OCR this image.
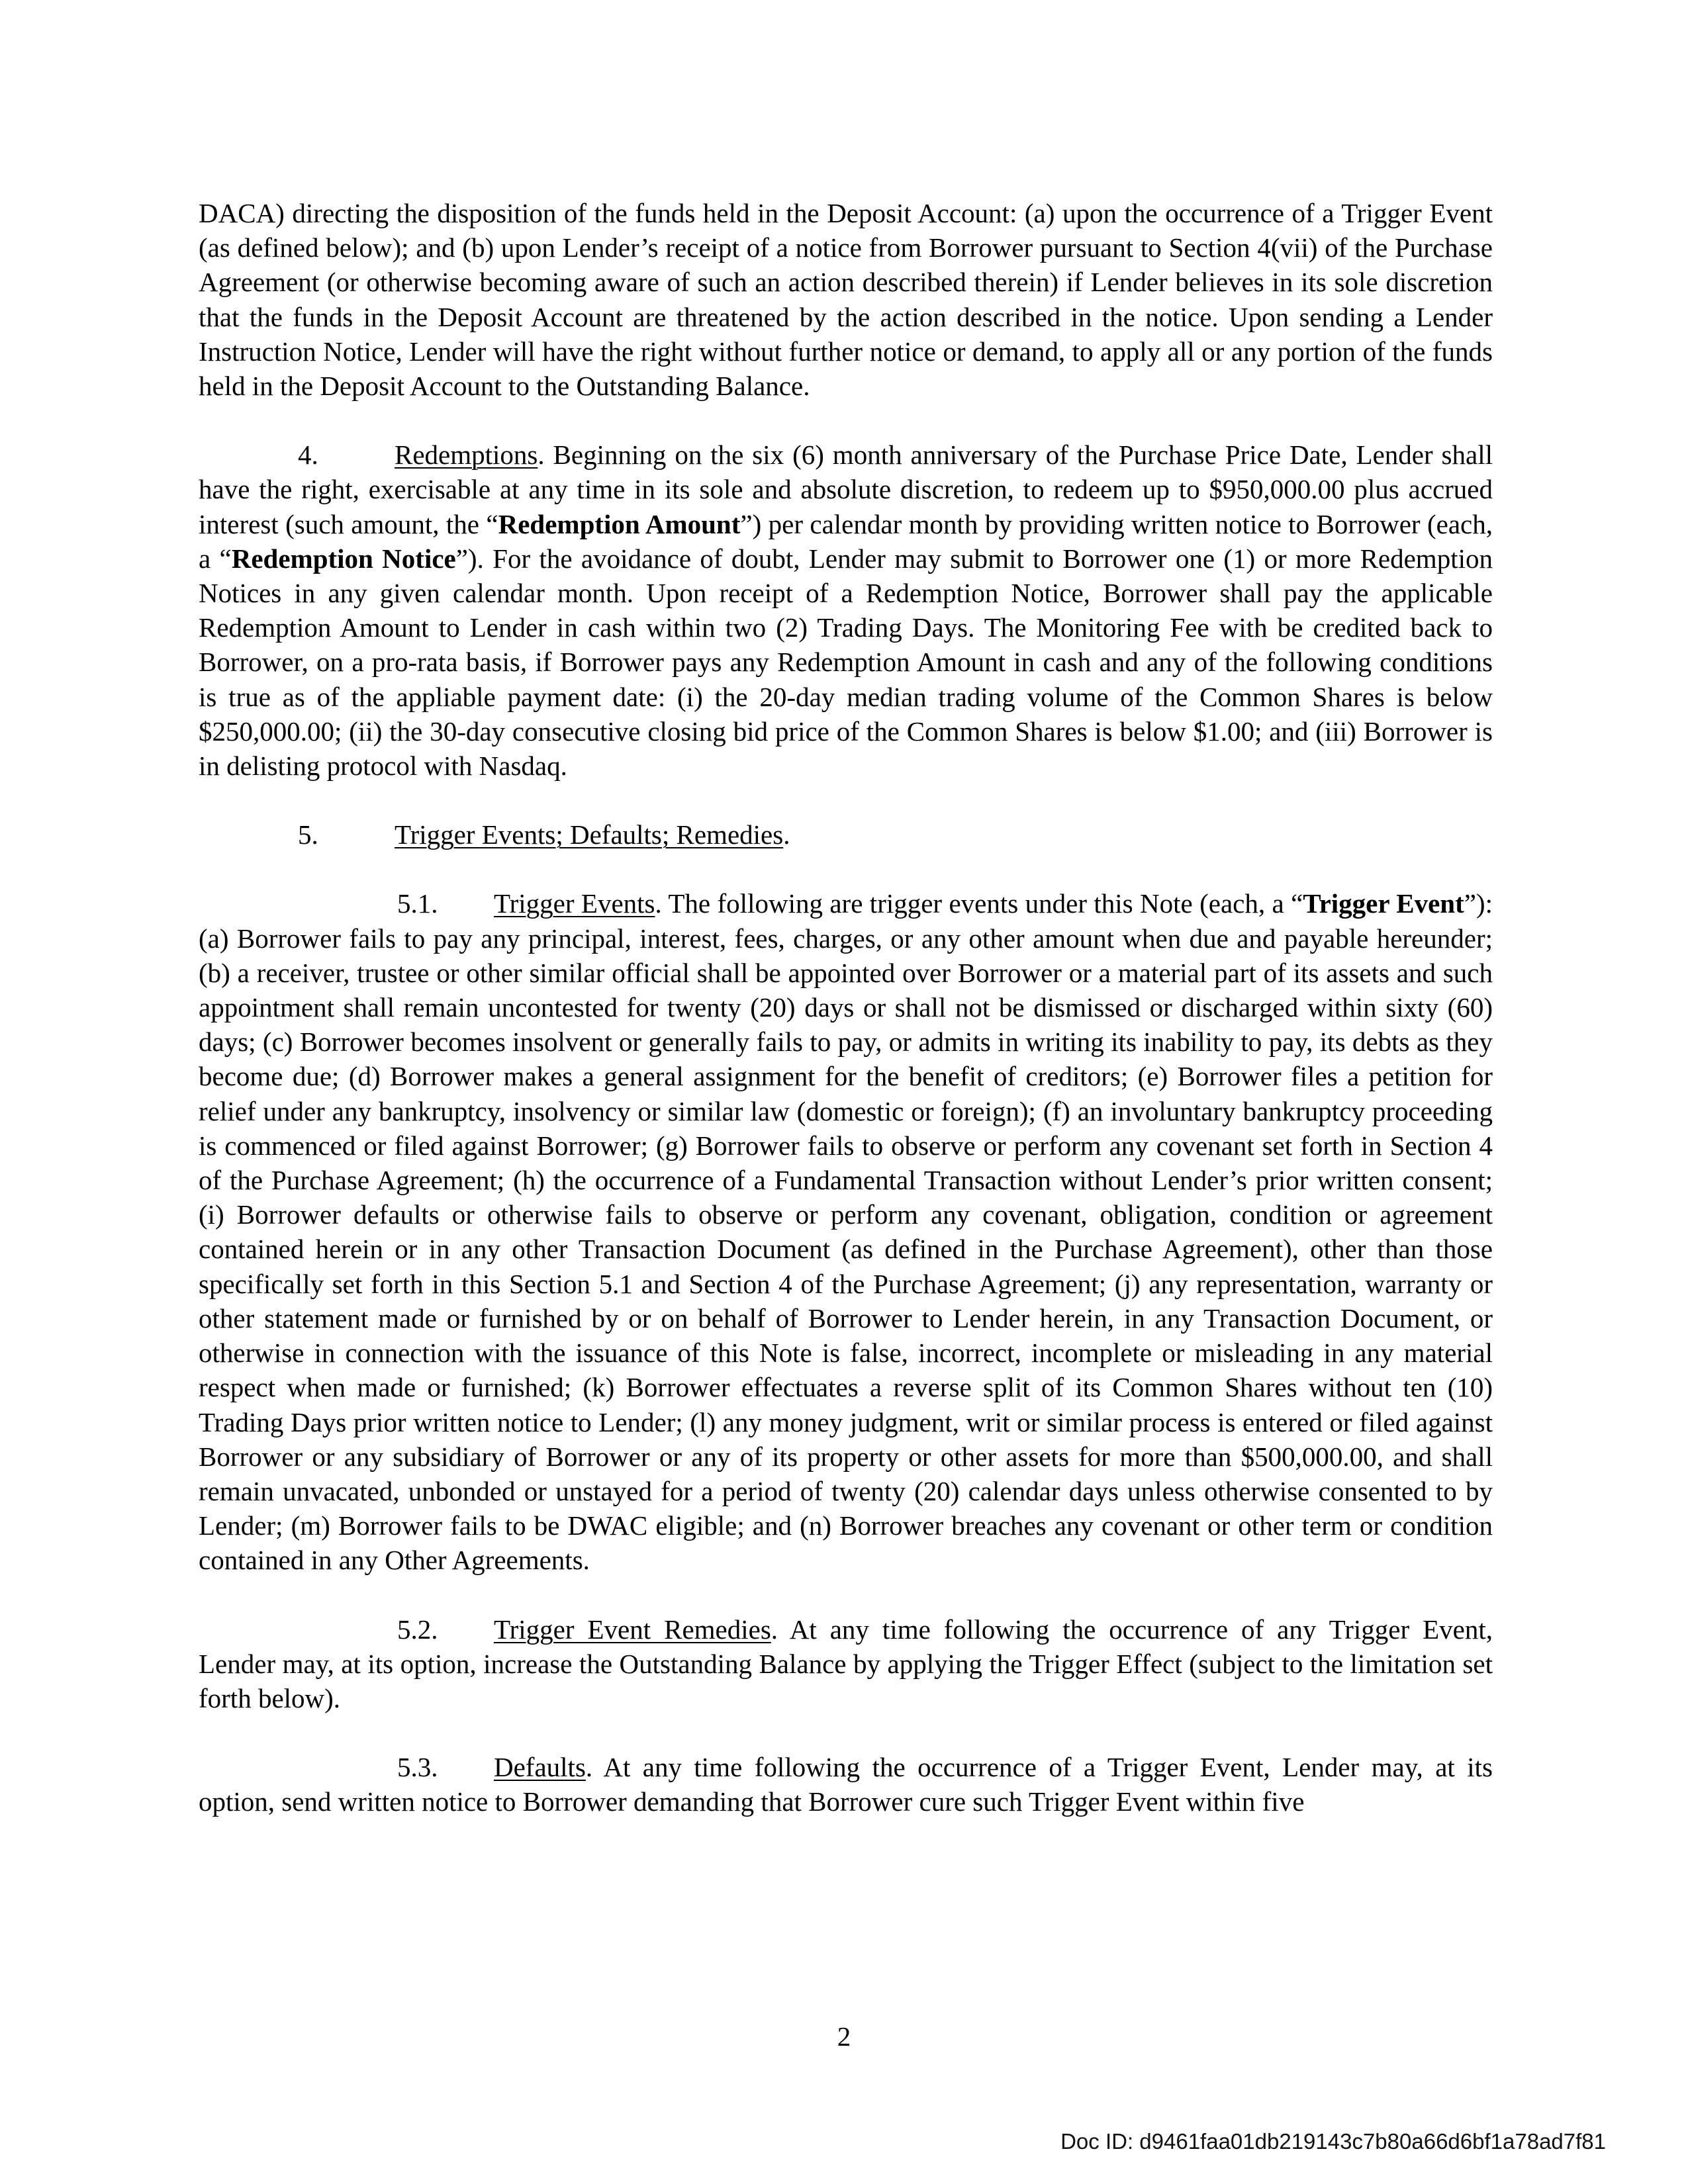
DACA) directing the disposition of the funds held in the Deposit Account: (a) upon the occurrence of a Trigger Event (as defined below); and (b) upon Lender’s receipt of a notice from Borrower pursuant to Section 4(vii) of the Purchase Agreement (or otherwise becoming aware of such an action described therein) if Lender believes in its sole discretion that the funds in the Deposit Account are threatened by the action described in the notice. Upon sending a Lender Instruction Notice, Lender will have the right without further notice or demand, to apply all or any portion of the funds held in the Deposit Account to the Outstanding Balance.

4.	Redemptions. Beginning on the six (6) month anniversary of the Purchase Price Date, Lender shall have the right, exercisable at any time in its sole and absolute discretion, to redeem up to $950,000.00 plus accrued interest (such amount, the “Redemption Amount”) per calendar month by providing written notice to Borrower (each, a “Redemption Notice”). For the avoidance of doubt, Lender may submit to Borrower one (1) or more Redemption Notices in any given calendar month. Upon receipt of a Redemption Notice, Borrower shall pay the applicable Redemption Amount to Lender in cash within two (2) Trading Days. The Monitoring Fee with be credited back to Borrower, on a pro-rata basis, if Borrower pays any Redemption Amount in cash and any of the following conditions is true as of the appliable payment date: (i) the 20-day median trading volume of the Common Shares is below $250,000.00; (ii) the 30-day consecutive closing bid price of the Common Shares is below $1.00; and (iii) Borrower is in delisting protocol with Nasdaq.

5.	Trigger Events; Defaults; Remedies.

5.1. Trigger Events. The following are trigger events under this Note (each, a “Trigger Event”): (a) Borrower fails to pay any principal, interest, fees, charges, or any other amount when due and payable hereunder; (b) a receiver, trustee or other similar official shall be appointed over Borrower or a material part of its assets and such appointment shall remain uncontested for twenty (20) days or shall not be dismissed or discharged within sixty (60) days; (c) Borrower becomes insolvent or generally fails to pay, or admits in writing its inability to pay, its debts as they become due; (d) Borrower makes a general assignment for the benefit of creditors; (e) Borrower files a petition for relief under any bankruptcy, insolvency or similar law (domestic or foreign); (f) an involuntary bankruptcy proceeding is commenced or filed against Borrower; (g) Borrower fails to observe or perform any covenant set forth in Section 4 of the Purchase Agreement; (h) the occurrence of a Fundamental Transaction without Lender’s prior written consent; (i) Borrower defaults or otherwise fails to observe or perform any covenant, obligation, condition or agreement contained herein or in any other Transaction Document (as defined in the Purchase Agreement), other than those specifically set forth in this Section 5.1 and Section 4 of the Purchase Agreement; (j) any representation, warranty or other statement made or furnished by or on behalf of Borrower to Lender herein, in any Transaction Document, or otherwise in connection with the issuance of this Note is false, incorrect, incomplete or misleading in any material respect when made or furnished; (k) Borrower effectuates a reverse split of its Common Shares without ten (10) Trading Days prior written notice to Lender; (l) any money judgment, writ or similar process is entered or filed against Borrower or any subsidiary of Borrower or any of its property or other assets for more than $500,000.00, and shall remain unvacated, unbonded or unstayed for a period of twenty (20) calendar days unless otherwise consented to by Lender; (m) Borrower fails to be DWAC eligible; and (n) Borrower breaches any covenant or other term or condition contained in any Other Agreements.

5.2. Trigger Event Remedies. At any time following the occurrence of any Trigger Event, Lender may, at its option, increase the Outstanding Balance by applying the Trigger Effect (subject to the limitation set forth below).

5.3. Defaults. At any time following the occurrence of a Trigger Event, Lender may, at its option, send written notice to Borrower demanding that Borrower cure such Trigger Event within five

2
Doc ID: d9461faa01db219143c7b80a66d6bf1a78ad7f81
